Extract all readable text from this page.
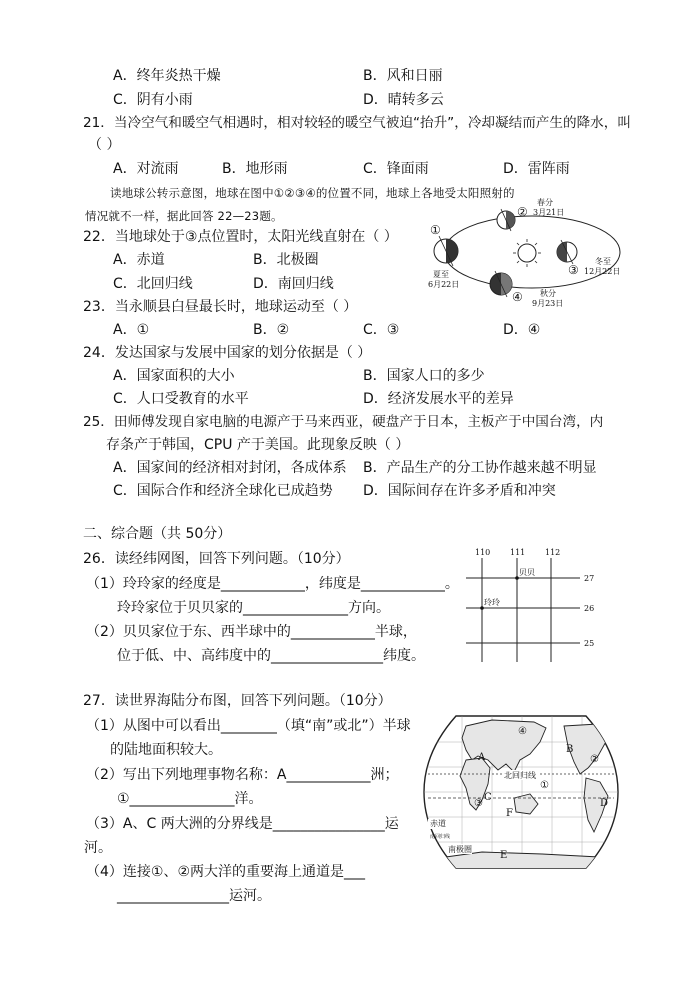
A．终年炎热干燥	B．风和日丽
C．阴有小雨	D．晴转多云
21．当冷空气和暖空气相遇时，相对较轻的暖空气被迫“抬升”，冷却凝结而产生的降水，叫
（ ）
A．对流雨	B．地形雨	C．锋面雨	D．雷阵雨
读地球公转示意图，地球在图中①②③④的位置不同，地球上各地受太阳照射的
情况就不一样，据此回答 22—23题。
22．当地球处于③点位置时，太阳光线直射在（ ）
A．赤道	B．北极圈
C．北回归线	D．南回归线
23．当永顺县白昼最长时，地球运动至（ ）
A．①	B．②	C．③	D．④
24．发达国家与发展中国家的划分依据是（ ）
A．国家面积的大小	B．国家人口的多少
C．人口受教育的水平	D．经济发展水平的差异
25．田师傅发现自家电脑的电源产于马来西亚，硬盘产于日本，主板产于中国台湾，内
存条产于韩国，CPU 产于美国。此现象反映（ ）
A．国家间的经济相对封闭，各成体系 B．产品生产的分工协作越来越不明显
C．国际合作和经济全球化已成趋势 D．国际间存在许多矛盾和冲突
二、综合题（共 50分）
26．读经纬网图，回答下列问题。（10分）
（1）玲玲家的经度是____________，纬度是____________。
玲玲家位于贝贝家的_______________方向。
（2）贝贝家位于东、西半球中的____________半球，
位于低、中、高纬度中的________________纬度。
27．读世界海陆分布图，回答下列问题。（10分）
（1）从图中可以看出________（填“南”或北”）半球
的陆地面积较大。
（2）写出下列地理事物名称：A____________洲；
①_______________洋。
（3）A、C 两大洲的分界线是________________运
河。
（4）连接①、②两大洋的重要海上通道是___
________________运河。
①
②
③
④
春分
3月21日
夏至
6月22日
冬至
12月22日
秋分
9月23日
110 111 112
27
26
25
贝贝
玲玲
A
B
C
D
E
F
①
②
③
④
北回归线
赤道
南回归线
南极圈
